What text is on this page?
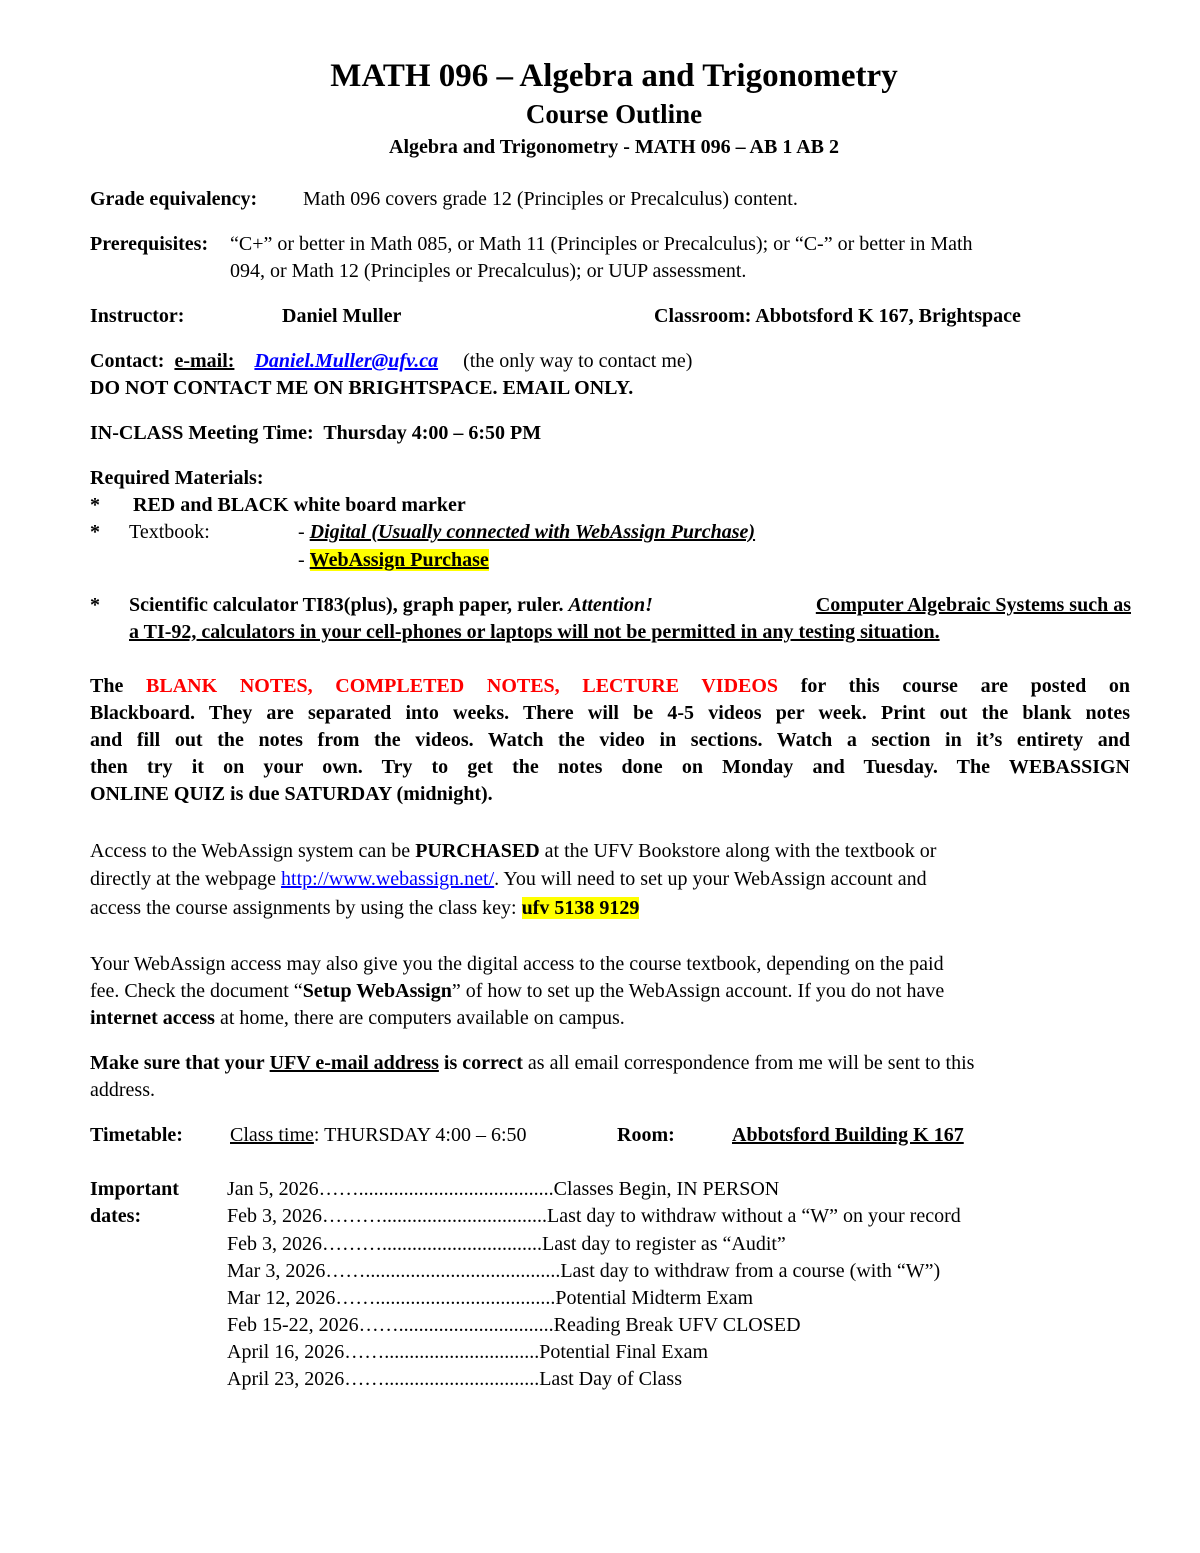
MATH 096 – Algebra and Trigonometry
Course Outline
Algebra and Trigonometry - MATH 096 – AB 1 AB 2
Grade equivalency: Math 096 covers grade 12 (Principles or Precalculus) content.
Prerequisites: “C+” or better in Math 085, or Math 11 (Principles or Precalculus); or “C-” or better in Math
094, or Math 12 (Principles or Precalculus); or UUP assessment.
Instructor:	Daniel Muller	Classroom: Abbotsford K 167, Brightspace
Contact: e-mail: Daniel.Muller@ufv.ca (the only way to contact me)
DO NOT CONTACT ME ON BRIGHTSPACE. EMAIL ONLY.
IN-CLASS Meeting Time: Thursday 4:00 – 6:50 PM
Required Materials:
* RED and BLACK white board marker
* Textbook:	- Digital (Usually connected with WebAssign Purchase)
- WebAssign Purchase
* Scientific calculator TI83(plus), graph paper, ruler. Attention!	Computer Algebraic Systems such as
a TI-92, calculators in your cell-phones or laptops will not be permitted in any testing situation.
The BLANK NOTES, COMPLETED NOTES, LECTURE VIDEOS for this course are posted on
Blackboard. They are separated into weeks. There will be 4-5 videos per week. Print out the blank notes
and fill out the notes from the videos. Watch the video in sections. Watch a section in it’s entirety and
then try it on your own. Try to get the notes done on Monday and Tuesday. The WEBASSIGN
ONLINE QUIZ is due SATURDAY (midnight).
Access to the WebAssign system can be PURCHASED at the UFV Bookstore along with the textbook or
directly at the webpage http://www.webassign.net/. You will need to set up your WebAssign account and
access the course assignments by using the class key: ufv 5138 9129
Your WebAssign access may also give you the digital access to the course textbook, depending on the paid
fee. Check the document “Setup WebAssign” of how to set up the WebAssign account. If you do not have
internet access at home, there are computers available on campus.
Make sure that your UFV e-mail address is correct as all email correspondence from me will be sent to this
address.
Timetable: Class time: THURSDAY 4:00 – 6:50	Room:	Abbotsford Building K 167
Important
dates:
Jan 5, 2026…….......................................Classes Begin, IN PERSON
Feb 3, 2026……….................................Last day to withdraw without a “W” on your record
Feb 3, 2026………................................Last day to register as “Audit”
Mar 3, 2026…….......................................Last day to withdraw from a course (with “W”)
Mar 12, 2026……....................................Potential Midterm Exam
Feb 15-22, 2026……...............................Reading Break UFV CLOSED
April 16, 2026……...............................Potential Final Exam
April 23, 2026……...............................Last Day of Class
